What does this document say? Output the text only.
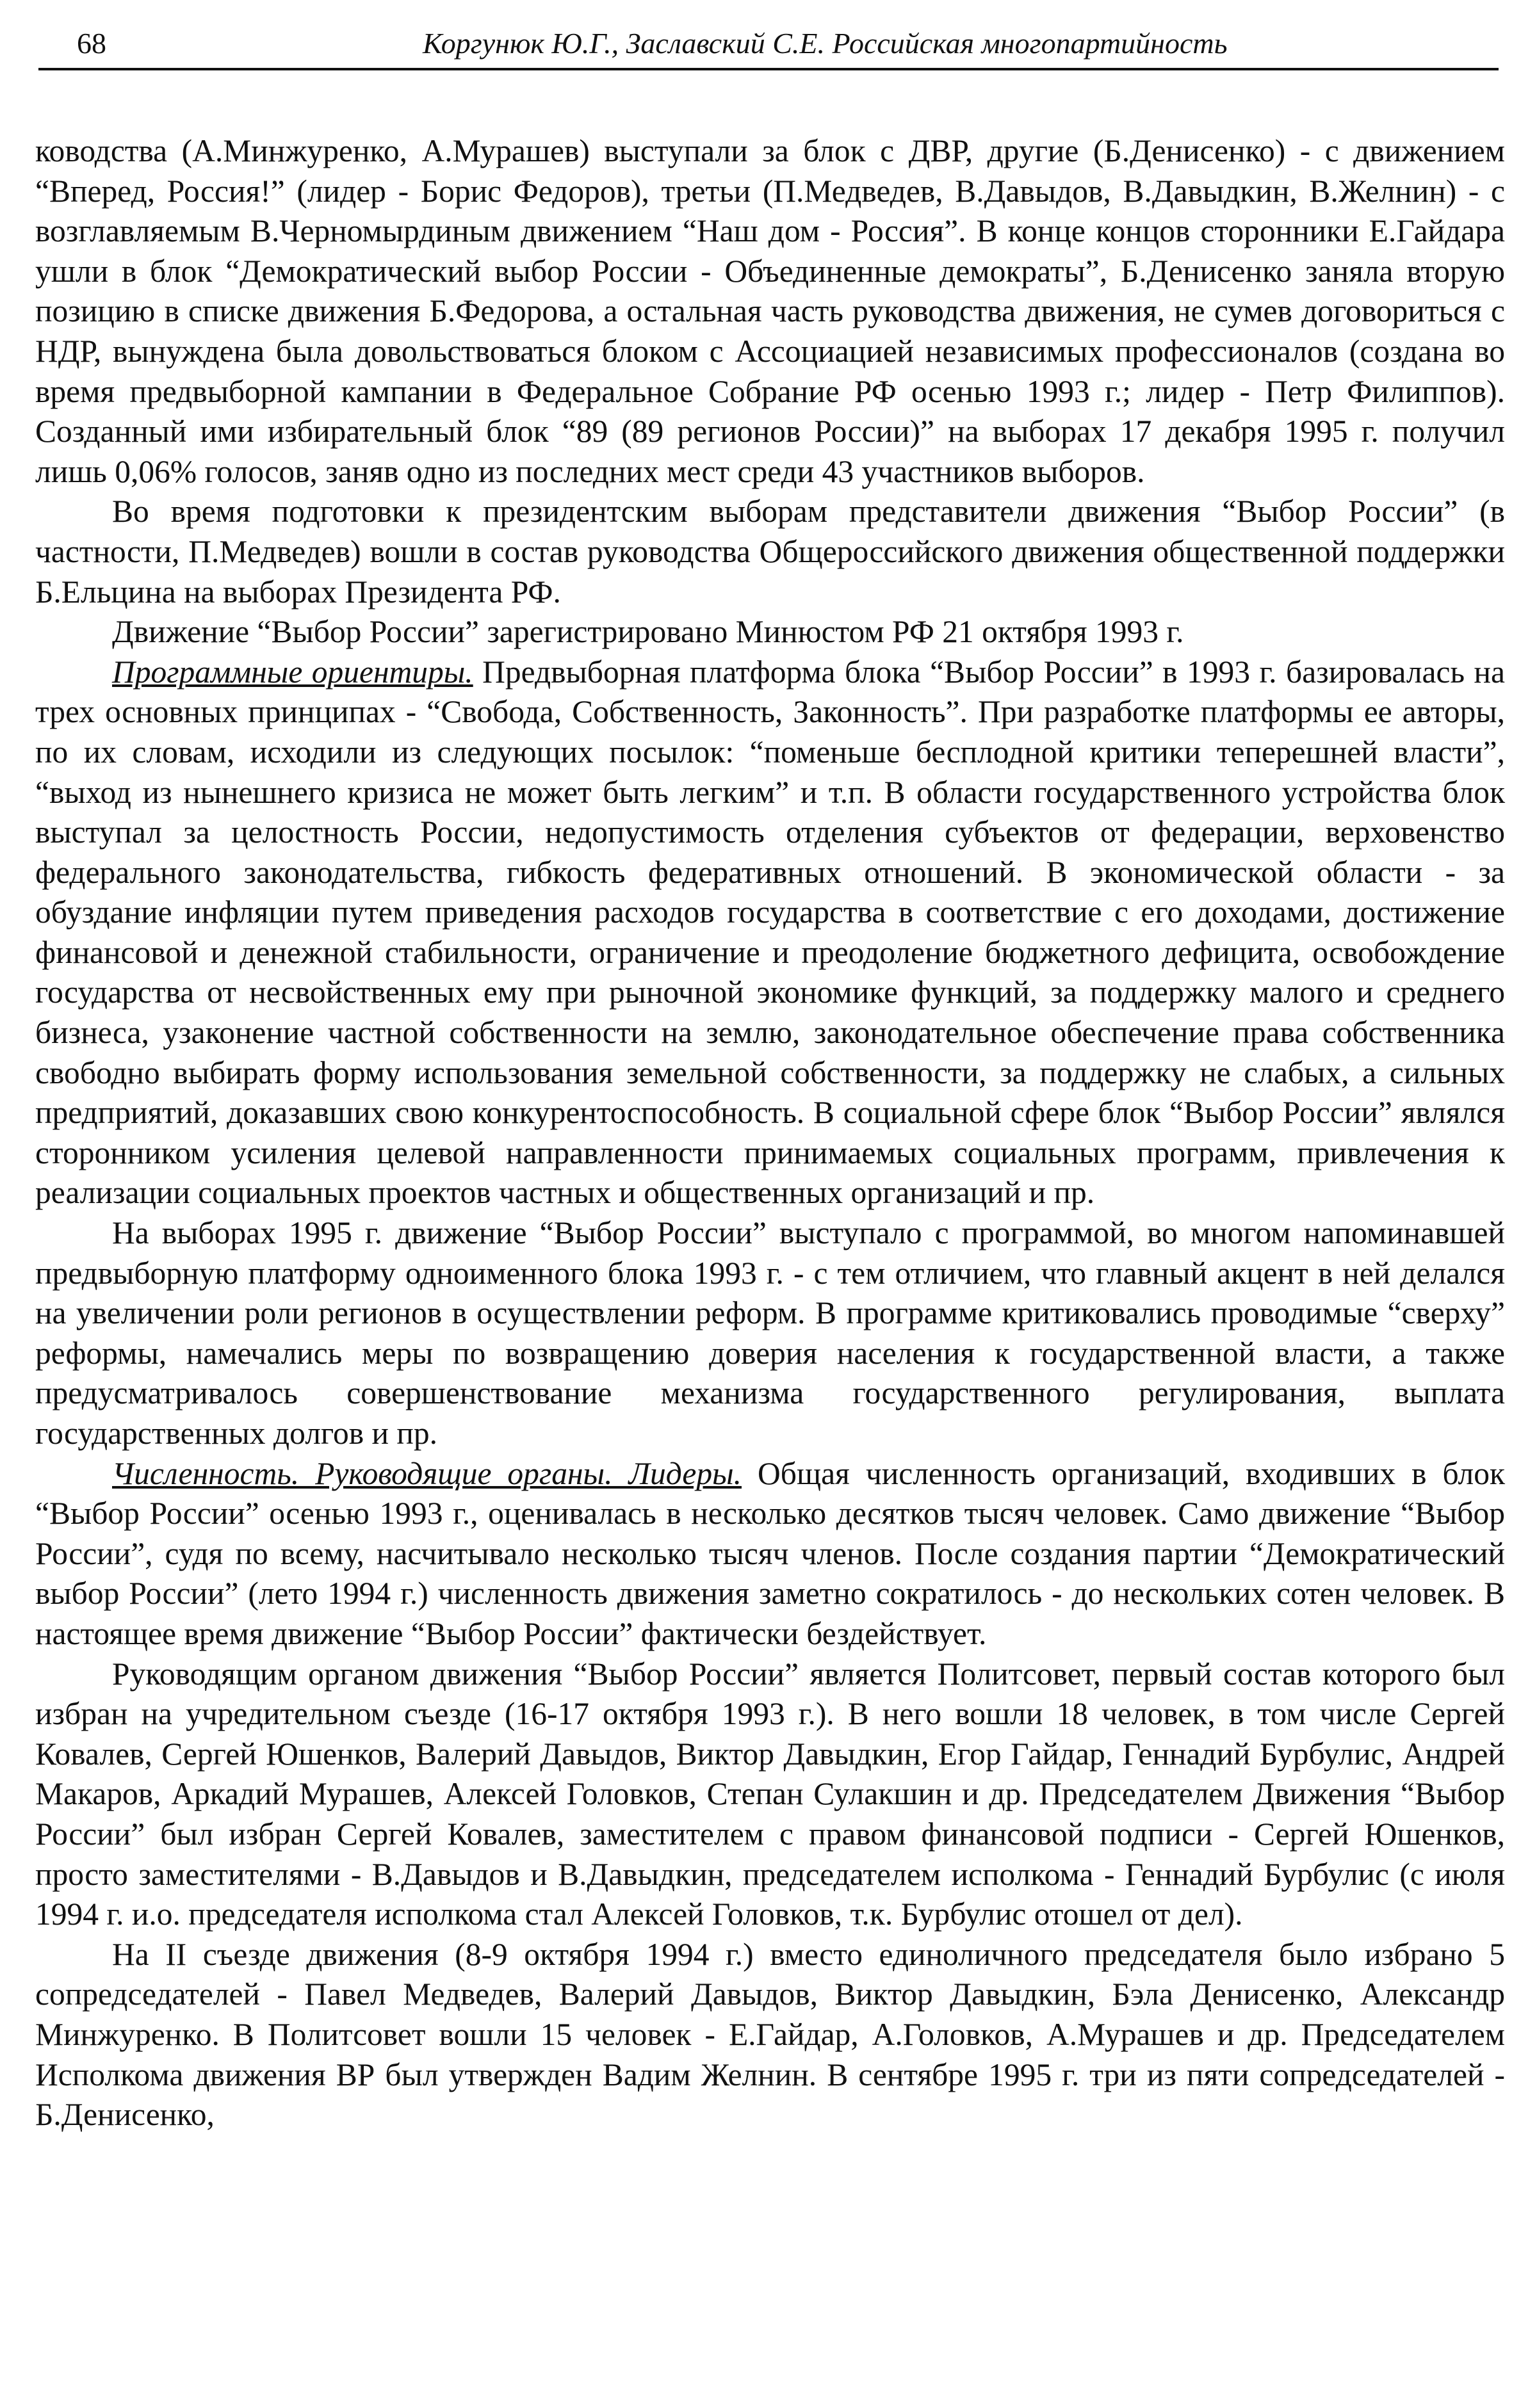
68	Коргунюк Ю.Г., Заславский С.Е. Российская многопартийность

ководства (А.Минжуренко, А.Мурашев) выступали за блок с ДВР, другие (Б.Денисенко) - с движением “Вперед, Россия!” (лидер - Борис Федоров), третьи (П.Медведев, В.Давыдов, В.Давыдкин, В.Желнин) - с возглавляемым В.Черномырдиным движением “Наш дом - Россия”. В конце концов сторонники Е.Гайдара ушли в блок “Демократический выбор России - Объединенные демократы”, Б.Денисенко заняла вторую позицию в списке движения Б.Федорова, а остальная часть руководства движения, не сумев договориться с НДР, вынуждена была довольствоваться блоком с Ассоциацией независимых профессионалов (создана во время предвыборной кампании в Федеральное Собрание РФ осенью 1993 г.; лидер - Петр Филиппов). Созданный ими избирательный блок “89 (89 регионов России)” на выборах 17 декабря 1995 г. получил лишь 0,06% голосов, заняв одно из последних мест среди 43 участников выборов.

Во время подготовки к президентским выборам представители движения “Выбор России” (в частности, П.Медведев) вошли в состав руководства Общероссийского движения общественной поддержки Б.Ельцина на выборах Президента РФ.

Движение “Выбор России” зарегистрировано Минюстом РФ 21 октября 1993 г.

Программные ориентиры. Предвыборная платформа блока “Выбор России” в 1993 г. базировалась на трех основных принципах - “Свобода, Собственность, Законность”. При разработке платформы ее авторы, по их словам, исходили из следующих посылок: “поменьше бесплодной критики теперешней власти”, “выход из нынешнего кризиса не может быть легким” и т.п. В области государственного устройства блок выступал за целостность России, недопустимость отделения субъектов от федерации, верховенство федерального законодательства, гибкость федеративных отношений. В экономической области - за обуздание инфляции путем приведения расходов государства в соответствие с его доходами, достижение финансовой и денежной стабильности, ограничение и преодоление бюджетного дефицита, освобождение государства от несвойственных ему при рыночной экономике функций, за поддержку малого и среднего бизнеса, узаконение частной собственности на землю, законодательное обеспечение права собственника свободно выбирать форму использования земельной собственности, за поддержку не слабых, а сильных предприятий, доказавших свою конкурентоспособность. В социальной сфере блок “Выбор России” являлся сторонником усиления целевой направленности принимаемых социальных программ, привлечения к реализации социальных проектов частных и общественных организаций и пр.

На выборах 1995 г. движение “Выбор России” выступало с программой, во многом напоминавшей предвыборную платформу одноименного блока 1993 г. - с тем отличием, что главный акцент в ней делался на увеличении роли регионов в осуществлении реформ. В программе критиковались проводимые “сверху” реформы, намечались меры по возвращению доверия населения к государственной власти, а также предусматривалось совершенствование механизма государственного регулирования, выплата государственных долгов и пр.

Численность. Руководящие органы. Лидеры. Общая численность организаций, входивших в блок “Выбор России” осенью 1993 г., оценивалась в несколько десятков тысяч человек. Само движение “Выбор России”, судя по всему, насчитывало несколько тысяч членов. После создания партии “Демократический выбор России” (лето 1994 г.) численность движения заметно сократилось - до нескольких сотен человек. В настоящее время движение “Выбор России” фактически бездействует.

Руководящим органом движения “Выбор России” является Политсовет, первый состав которого был избран на учредительном съезде (16-17 октября 1993 г.). В него вошли 18 человек, в том числе Сергей Ковалев, Сергей Юшенков, Валерий Давыдов, Виктор Давыдкин, Егор Гайдар, Геннадий Бурбулис, Андрей Макаров, Аркадий Мурашев, Алексей Головков, Степан Сулакшин и др. Председателем Движения “Выбор России” был избран Сергей Ковалев, заместителем с правом финансовой подписи - Сергей Юшенков, просто заместителями - В.Давыдов и В.Давыдкин, председателем исполкома - Геннадий Бурбулис (с июля 1994 г. и.о. председателя исполкома стал Алексей Головков, т.к. Бурбулис отошел от дел).

На II съезде движения (8-9 октября 1994 г.) вместо единоличного председателя было избрано 5 сопредседателей - Павел Медведев, Валерий Давыдов, Виктор Давыдкин, Бэла Денисенко, Александр Минжуренко. В Политсовет вошли 15 человек - Е.Гайдар, А.Головков, А.Мурашев и др. Председателем Исполкома движения ВР был утвержден Вадим Желнин. В сентябре 1995 г. три из пяти сопредседателей - Б.Денисенко,
